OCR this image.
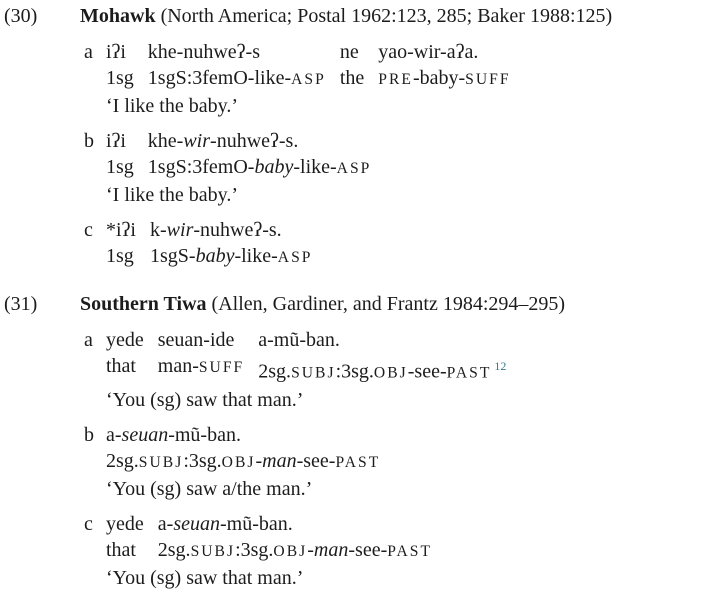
(30)	Mohawk (North America; Postal 1962:123, 285; Baker 1988:125)
a iʔi
1sg
khe-nuhweʔ-s
1sgS:3femO-like-ASP
ne
the
yao-wir-aʔa.
PRE-baby-SUFF
‘I like the baby.’
b iʔi
1sg
khe-wir-nuhweʔ-s.
1sgS:3femO-baby-like-ASP
‘I like the baby.’
c *iʔi
1sg
k-wir-nuhweʔ-s.
1sgS-baby-like-ASP
(31)	Southern Tiwa (Allen, Gardiner, and Frantz 1984:294–295)
a yede
that
seuan-ide
man-SUFF
a-mũ-ban.
2sg.SUBJ:3sg.OBJ-see-PAST $^{12}$
‘You (sg) saw that man.’
b a-seuan-mũ-ban.
2sg.SUBJ:3sg.OBJ-man-see-PAST
‘You (sg) saw a/the man.’
c yede
that
a-seuan-mũ-ban.
2sg.SUBJ:3sg.OBJ-man-see-PAST
‘You (sg) saw that man.’
